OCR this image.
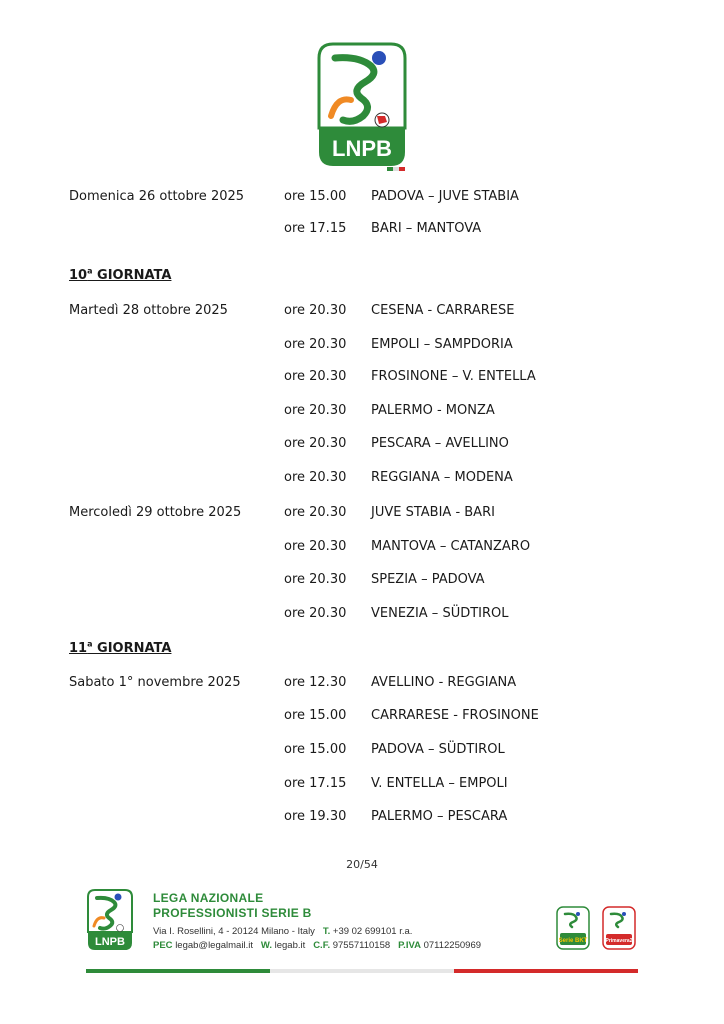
LNPB
Domenica 26 ottobre 2025	ore 15.00 PADOVA – JUVE STABIA
ore 17.15 BARI – MANTOVA
10$^a$ GIORNATA
Martedì 28 ottobre 2025	ore 20.30 CESENA - CARRARESE
ore 20.30 EMPOLI – SAMPDORIA
ore 20.30 FROSINONE – V. ENTELLA
ore 20.30 PALERMO - MONZA
ore 20.30 PESCARA – AVELLINO
ore 20.30 REGGIANA – MODENA
Mercoledì 29 ottobre 2025	ore 20.30 JUVE STABIA - BARI
ore 20.30 MANTOVA – CATANZARO
ore 20.30 SPEZIA – PADOVA
ore 20.30 VENEZIA – SÜDTIROL
11$^a$ GIORNATA
Sabato 1° novembre 2025	ore 12.30 AVELLINO - REGGIANA
ore 15.00 CARRARESE - FROSINONE
ore 15.00 PADOVA – SÜDTIROL
ore 17.15 V. ENTELLA – EMPOLI
ore 19.30 PALERMO – PESCARA
20/54
LNPB
LEGA NAZIONALE
PROFESSIONISTI SERIE B
Via I. Rosellini, 4 - 20124 Milano - Italy T. +39 02 699101 r.a.
PEC legab@legalmail.it W. legab.it C.F. 97557110158 P.IVA 07112250969	Serie BKT	Primavera2
